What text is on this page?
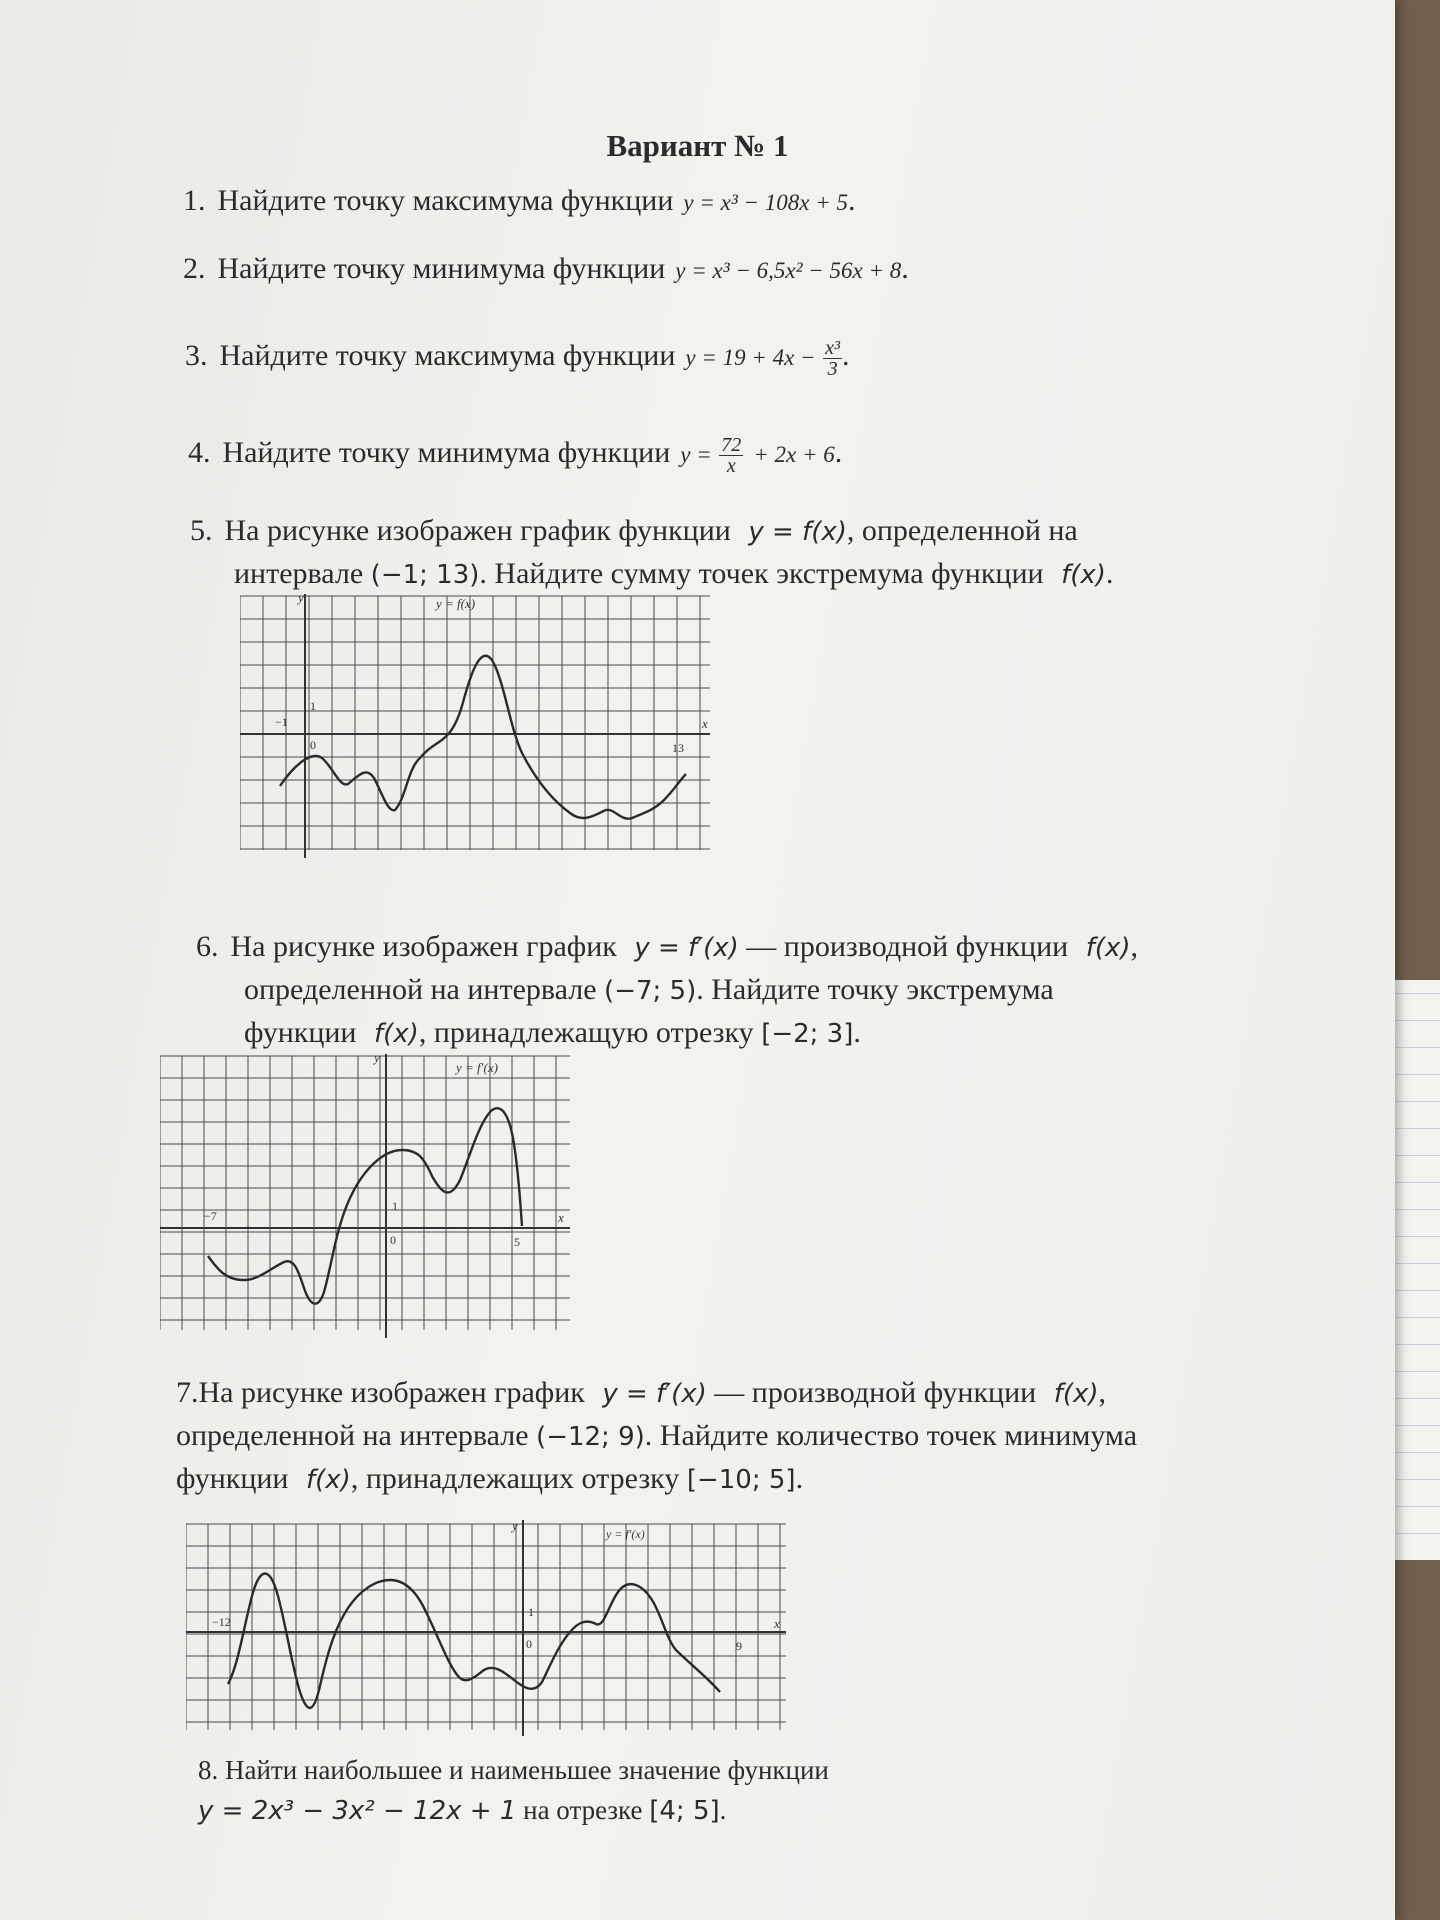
Вариант № 1
1. Найдите точку максимума функции y = x³ − 108x + 5.
2. Найдите точку минимума функции y = x³ − 6,5x² − 56x + 8.
3. Найдите точку максимума функции $y = 19 + 4x - \frac{\text{x³}}{3}$ .
4. Найдите точку минимума функции $y = \frac{72}{x} + 2x + 6$.
5. На рисунке изображен график функции y = f(x), определенной на
интервале (−1; 13). Найдите сумму точек экстремума функции f(x).
y
x
y = f(x)
−1
13
1
0
6. На рисунке изображен график y = f′(x) — производной функции f(x),
определенной на интервале (−7; 5). Найдите точку экстремума
функции f(x), принадлежащую отрезку [−2; 3].
y
x
y = f′(x)
−7
5
1
0
7.На рисунке изображен график y = f′(x) — производной функции f(x),
определенной на интервале (−12; 9). Найдите количество точек минимума
функции f(x), принадлежащих отрезку [−10; 5].
y
x
y = f′(x)
−12
9
1
0
8. Найти наибольшее и наименьшее значение функции
y = 2x³ − 3x² − 12x + 1 на отрезке [4; 5].
